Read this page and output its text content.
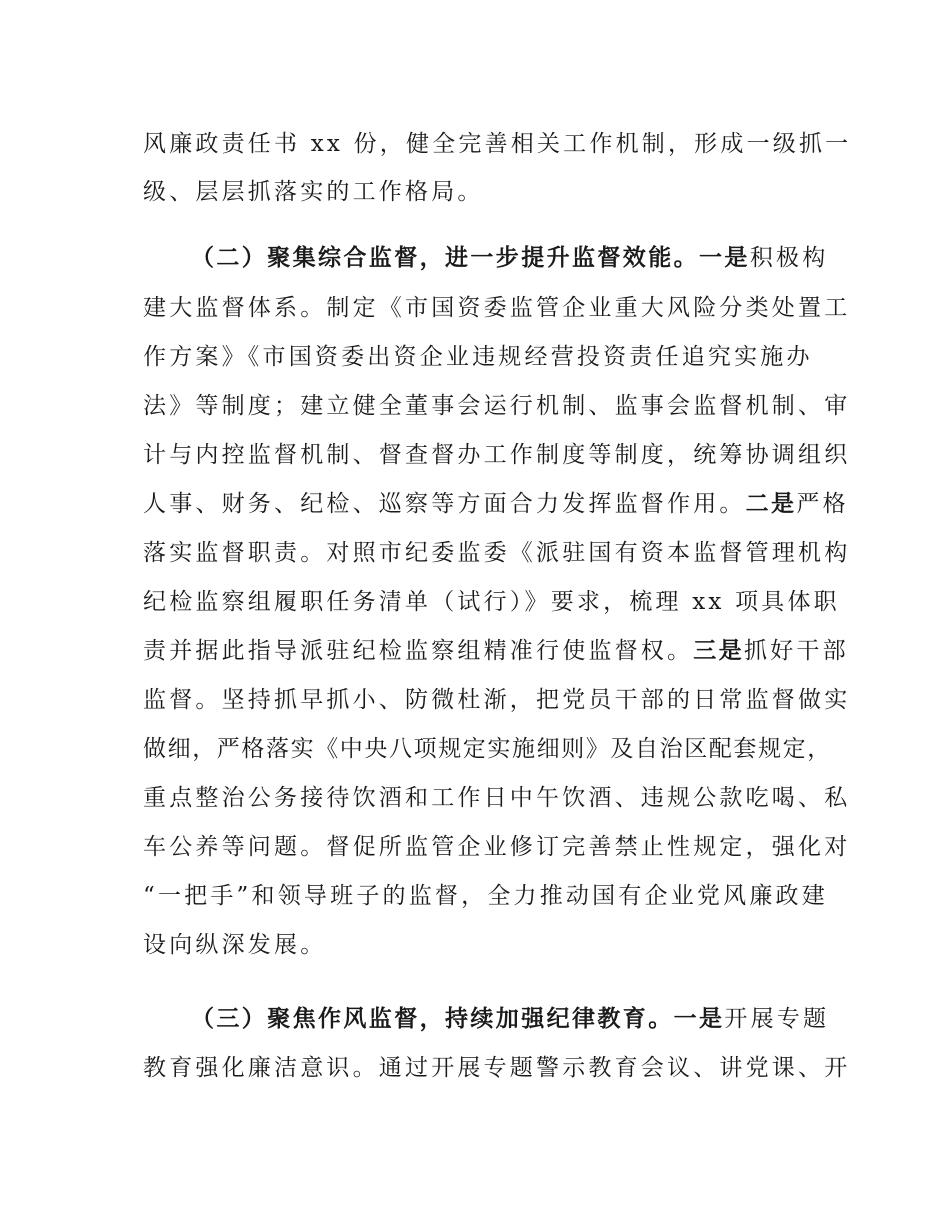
风廉政责任书 xx 份，健全完善相关工作机制，形成一级抓一
级、层层抓落实的工作格局。
（二）聚集综合监督，进一步提升监督效能。一是积极构
建大监督体系。制定《市国资委监管企业重大风险分类处置工
作方案》《市国资委出资企业违规经营投资责任追究实施办
法》等制度；建立健全董事会运行机制、监事会监督机制、审
计与内控监督机制、督查督办工作制度等制度，统筹协调组织
人事、财务、纪检、巡察等方面合力发挥监督作用。二是严格
落实监督职责。对照市纪委监委《派驻国有资本监督管理机构
纪检监察组履职任务清单（试行）》要求，梳理 xx 项具体职
责并据此指导派驻纪检监察组精准行使监督权。三是抓好干部
监督。坚持抓早抓小、防微杜渐，把党员干部的日常监督做实
做细，严格落实《中央八项规定实施细则》及自治区配套规定，
重点整治公务接待饮酒和工作日中午饮酒、违规公款吃喝、私
车公养等问题。督促所监管企业修订完善禁止性规定，强化对
“一把手”和领导班子的监督，全力推动国有企业党风廉政建
设向纵深发展。
（三）聚焦作风监督，持续加强纪律教育。一是开展专题
教育强化廉洁意识。通过开展专题警示教育会议、讲党课、开
